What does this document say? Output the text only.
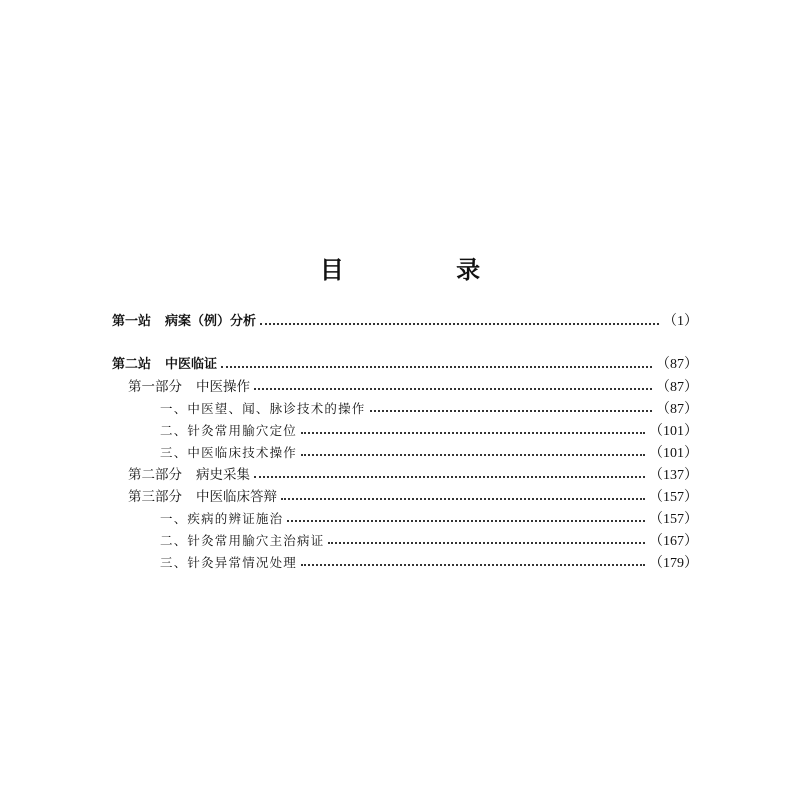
目 录
第一站 病案（例）分析	（1）
第二站 中医临证	（87）
第一部分 中医操作	（87）
一、中医望、闻、脉诊技术的操作	（87）
二、针灸常用腧穴定位	（101）
三、中医临床技术操作	（101）
第二部分 病史采集	（137）
第三部分 中医临床答辩	（157）
一、疾病的辨证施治	（157）
二、针灸常用腧穴主治病证	（167）
三、针灸异常情况处理	（179）
